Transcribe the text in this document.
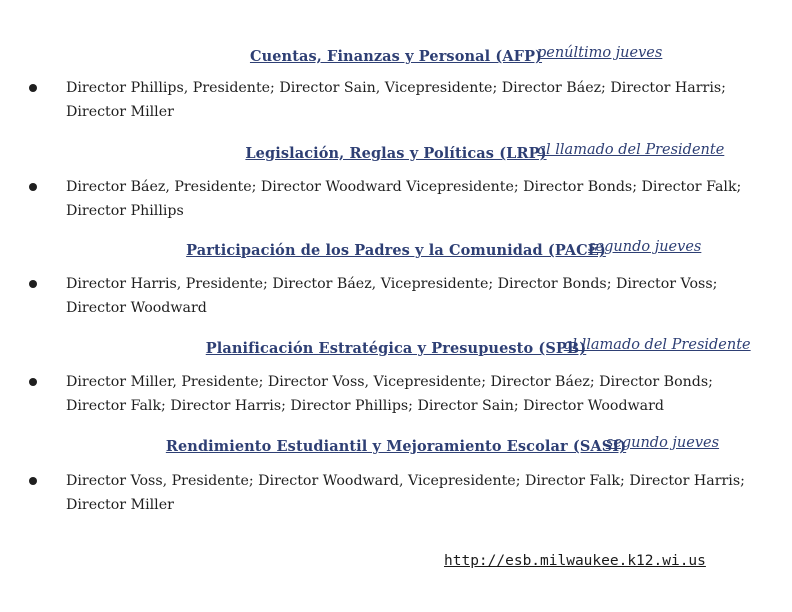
Cuentas, Finanzas y Personal (AFP)
penúltimo jueves
Director Phillips, Presidente; Director Sain, Vicepresidente; Director Báez; Director Harris; Director Miller
Legislación, Reglas y Políticas (LRP)
al llamado del Presidente
Director Báez, Presidente; Director Woodward Vicepresidente; Director Bonds; Director Falk; Director Phillips
Participación de los Padres y la Comunidad (PACE)
segundo jueves
Director Harris, Presidente; Director Báez, Vicepresidente; Director Bonds; Director Voss; Director Woodward
Planificación Estratégica y Presupuesto (SPB)
al llamado del Presidente
Director Miller, Presidente; Director Voss, Vicepresidente; Director Báez; Director Bonds; Director Falk; Director Harris; Director Phillips; Director Sain; Director Woodward
Rendimiento Estudiantil y Mejoramiento Escolar (SASI)
segundo jueves
Director Voss, Presidente; Director Woodward, Vicepresidente; Director Falk; Director Harris; Director Miller
http://esb.milwaukee.k12.wi.us
